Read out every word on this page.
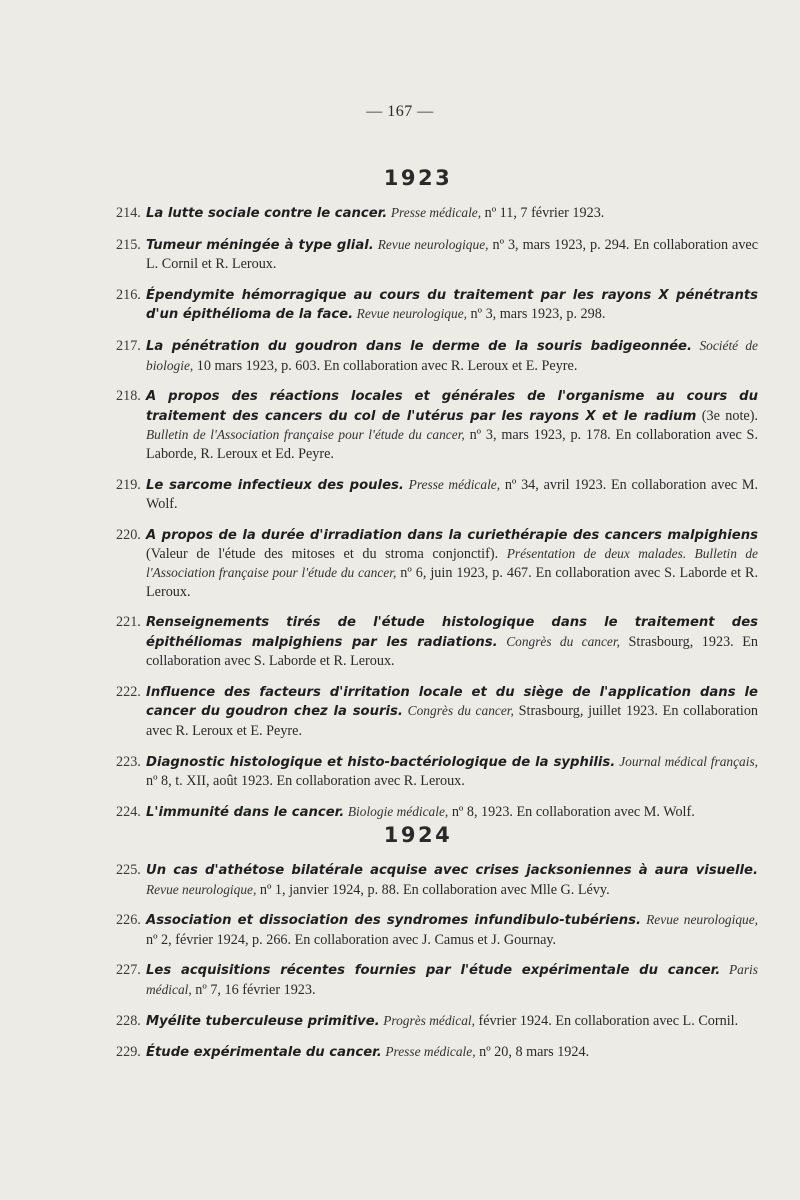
— 167 —
1923
214. La lutte sociale contre le cancer. Presse médicale, nº 11, 7 février 1923.
215. Tumeur méningée à type glial. Revue neurologique, nº 3, mars 1923, p. 294. En collaboration avec L. Cornil et R. Leroux.
216. Épendymite hémorragique au cours du traitement par les rayons X pénétrants d'un épithélioma de la face. Revue neurologique, nº 3, mars 1923, p. 298.
217. La pénétration du goudron dans le derme de la souris badigeonnée. Société de biologie, 10 mars 1923, p. 603. En collaboration avec R. Leroux et E. Peyre.
218. A propos des réactions locales et générales de l'organisme au cours du traitement des cancers du col de l'utérus par les rayons X et le radium (3e note). Bulletin de l'Association française pour l'étude du cancer, nº 3, mars 1923, p. 178. En collaboration avec S. Laborde, R. Leroux et Ed. Peyre.
219. Le sarcome infectieux des poules. Presse médicale, nº 34, avril 1923. En collaboration avec M. Wolf.
220. A propos de la durée d'irradiation dans la curiethérapie des cancers malpighiens (Valeur de l'étude des mitoses et du stroma conjonctif). Présentation de deux malades. Bulletin de l'Association française pour l'étude du cancer, nº 6, juin 1923, p. 467. En collaboration avec S. Laborde et R. Leroux.
221. Renseignements tirés de l'étude histologique dans le traitement des épithéliomas malpighiens par les radiations. Congrès du cancer, Strasbourg, 1923. En collaboration avec S. Laborde et R. Leroux.
222. Influence des facteurs d'irritation locale et du siège de l'application dans le cancer du goudron chez la souris. Congrès du cancer, Strasbourg, juillet 1923. En collaboration avec R. Leroux et E. Peyre.
223. Diagnostic histologique et histo-bactériologique de la syphilis. Journal médical français, nº 8, t. XII, août 1923. En collaboration avec R. Leroux.
224. L'immunité dans le cancer. Biologie médicale, nº 8, 1923. En collaboration avec M. Wolf.
1924
225. Un cas d'athétose bilatérale acquise avec crises jacksoniennes à aura visuelle. Revue neurologique, nº 1, janvier 1924, p. 88. En collaboration avec Mlle G. Lévy.
226. Association et dissociation des syndromes infundibulo-tubériens. Revue neurologique, nº 2, février 1924, p. 266. En collaboration avec J. Camus et J. Gournay.
227. Les acquisitions récentes fournies par l'étude expérimentale du cancer. Paris médical, nº 7, 16 février 1923.
228. Myélite tuberculeuse primitive. Progrès médical, février 1924. En collaboration avec L. Cornil.
229. Étude expérimentale du cancer. Presse médicale, nº 20, 8 mars 1924.
